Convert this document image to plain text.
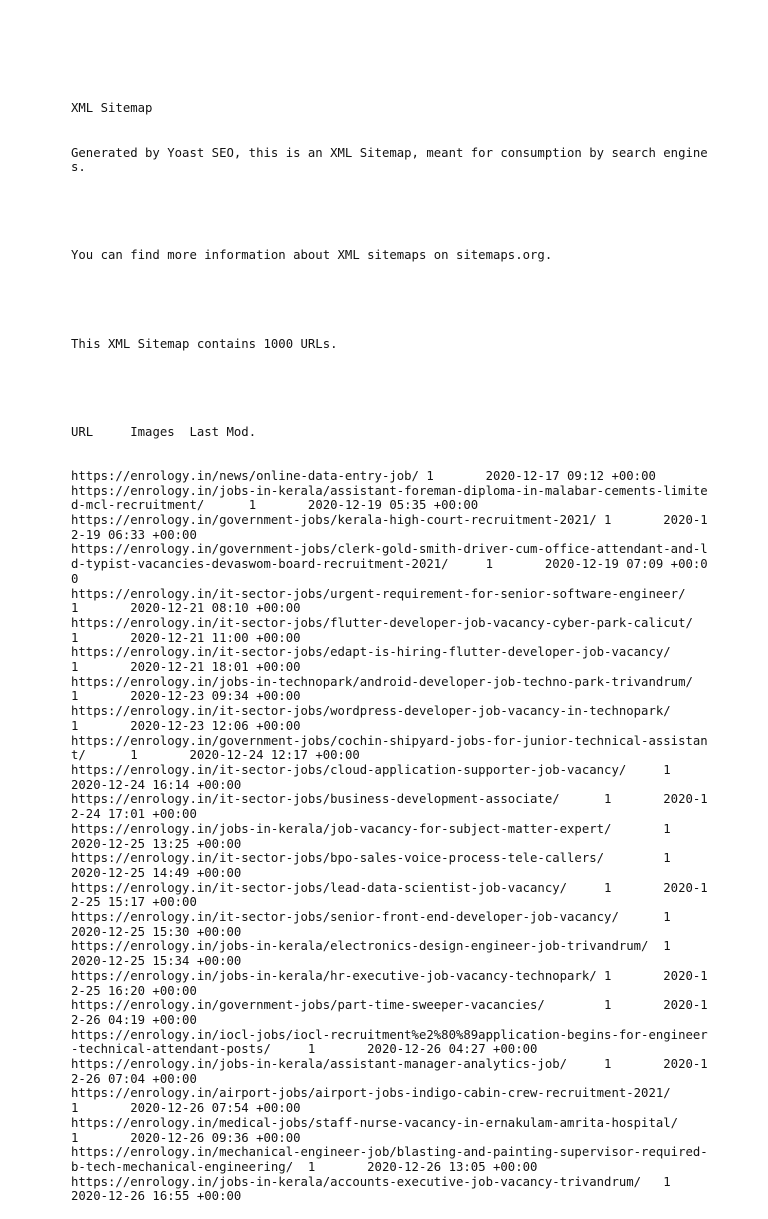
XML Sitemap

Generated by Yoast SEO, this is an XML Sitemap, meant for consumption by search engines.

You can find more information about XML sitemaps on sitemaps.org.

This XML Sitemap contains 1000 URLs.

URL	Images	Last Mod.

https://enrology.in/news/online-data-entry-job/	1	2020-12-17 09:12 +00:00

https://enrology.in/jobs-in-kerala/assistant-foreman-diploma-in-malabar-cements-limited-mcl-recruitment/	1	2020-12-19 05:35 +00:00

https://enrology.in/government-jobs/kerala-high-court-recruitment-2021/	1	2020-12-19 06:33 +00:00

https://enrology.in/government-jobs/clerk-gold-smith-driver-cum-office-attendant-and-ld-typist-vacancies-devaswom-board-recruitment-2021/	1	2020-12-19 07:09 +00:00

https://enrology.in/it-sector-jobs/urgent-requirement-for-senior-software-engineer/	1	2020-12-21 08:10 +00:00

https://enrology.in/it-sector-jobs/flutter-developer-job-vacancy-cyber-park-calicut/	1	2020-12-21 11:00 +00:00

https://enrology.in/it-sector-jobs/edapt-is-hiring-flutter-developer-job-vacancy/	1	2020-12-21 18:01 +00:00

https://enrology.in/jobs-in-technopark/android-developer-job-techno-park-trivandrum/	1	2020-12-23 09:34 +00:00

https://enrology.in/it-sector-jobs/wordpress-developer-job-vacancy-in-technopark/	1	2020-12-23 12:06 +00:00

https://enrology.in/government-jobs/cochin-shipyard-jobs-for-junior-technical-assistant/	1	2020-12-24 12:17 +00:00

https://enrology.in/it-sector-jobs/cloud-application-supporter-job-vacancy/	1	2020-12-24 16:14 +00:00

https://enrology.in/it-sector-jobs/business-development-associate/	1	2020-12-24 17:01 +00:00

https://enrology.in/jobs-in-kerala/job-vacancy-for-subject-matter-expert/	1	2020-12-25 13:25 +00:00

https://enrology.in/it-sector-jobs/bpo-sales-voice-process-tele-callers/	1	2020-12-25 14:49 +00:00

https://enrology.in/it-sector-jobs/lead-data-scientist-job-vacancy/	1	2020-12-25 15:17 +00:00

https://enrology.in/it-sector-jobs/senior-front-end-developer-job-vacancy/	1	2020-12-25 15:30 +00:00

https://enrology.in/jobs-in-kerala/electronics-design-engineer-job-trivandrum/	1	2020-12-25 15:34 +00:00

https://enrology.in/jobs-in-kerala/hr-executive-job-vacancy-technopark/	1	2020-12-25 16:20 +00:00

https://enrology.in/government-jobs/part-time-sweeper-vacancies/	1	2020-12-26 04:19 +00:00

https://enrology.in/iocl-jobs/iocl-recruitment%e2%80%89application-begins-for-engineer-technical-attendant-posts/	1	2020-12-26 04:27 +00:00

https://enrology.in/jobs-in-kerala/assistant-manager-analytics-job/	1	2020-12-26 07:04 +00:00

https://enrology.in/airport-jobs/airport-jobs-indigo-cabin-crew-recruitment-2021/	1	2020-12-26 07:54 +00:00

https://enrology.in/medical-jobs/staff-nurse-vacancy-in-ernakulam-amrita-hospital/	1	2020-12-26 09:36 +00:00

https://enrology.in/mechanical-engineer-job/blasting-and-painting-supervisor-required-b-tech-mechanical-engineering/	1	2020-12-26 13:05 +00:00

https://enrology.in/jobs-in-kerala/accounts-executive-job-vacancy-trivandrum/	1	2020-12-26 16:55 +00:00
